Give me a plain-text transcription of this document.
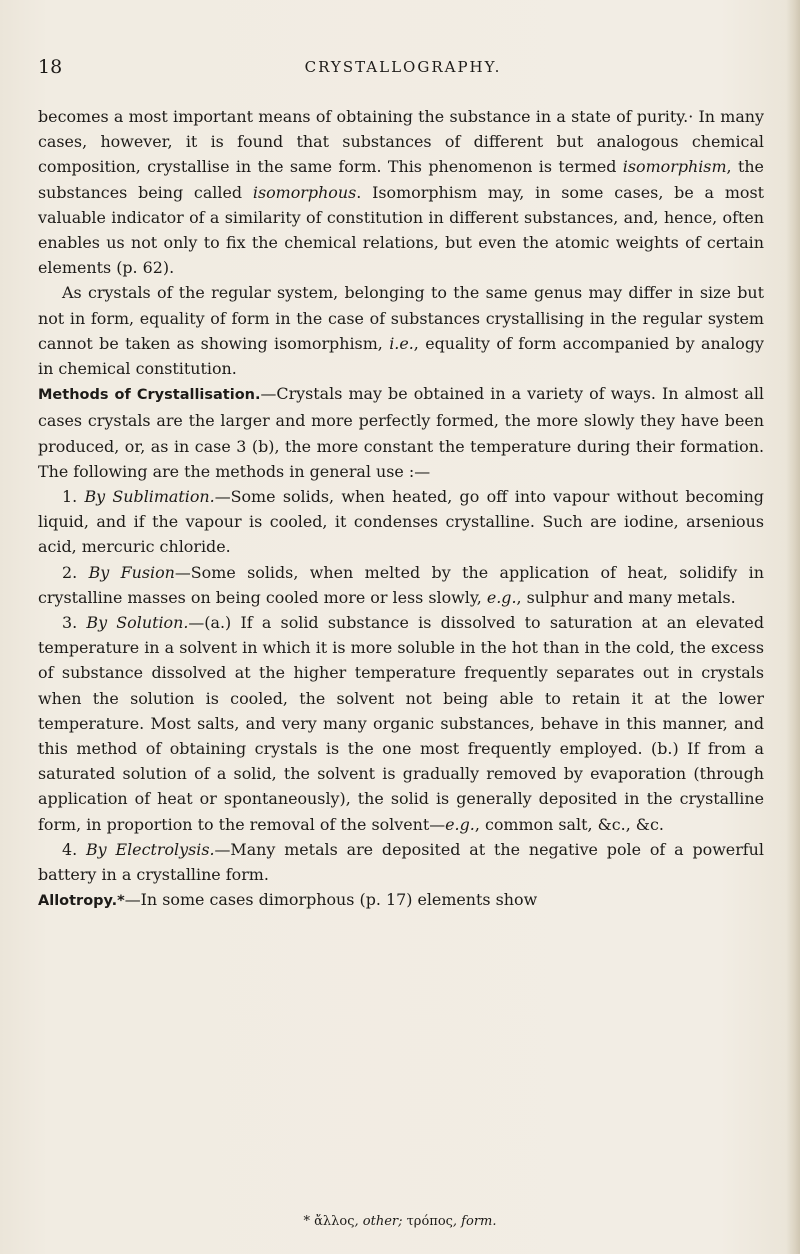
18	CRYSTALLOGRAPHY.

becomes a most important means of obtaining the substance in a state of purity.· In many cases, however, it is found that substances of different but analogous chemical composition, crystallise in the same form. This phenomenon is termed isomorphism, the substances being called isomorphous. Isomorphism may, in some cases, be a most valuable indicator of a similarity of constitution in different substances, and, hence, often enables us not only to fix the chemical relations, but even the atomic weights of certain elements (p. 62).

As crystals of the regular system, belonging to the same genus may differ in size but not in form, equality of form in the case of substances crystallising in the regular system cannot be taken as showing isomorphism, i.e., equality of form accompanied by analogy in chemical constitution.

Methods of Crystallisation.—Crystals may be obtained in a variety of ways. In almost all cases crystals are the larger and more perfectly formed, the more slowly they have been produced, or, as in case 3 (b), the more constant the temperature during their formation. The following are the methods in general use :—

1. By Sublimation.—Some solids, when heated, go off into vapour without becoming liquid, and if the vapour is cooled, it condenses crystalline. Such are iodine, arsenious acid, mercuric chloride.

2. By Fusion—Some solids, when melted by the application of heat, solidify in crystalline masses on being cooled more or less slowly, e.g., sulphur and many metals.

3. By Solution.—(a.) If a solid substance is dissolved to saturation at an elevated temperature in a solvent in which it is more soluble in the hot than in the cold, the excess of substance dissolved at the higher temperature frequently separates out in crystals when the solution is cooled, the solvent not being able to retain it at the lower temperature. Most salts, and very many organic substances, behave in this manner, and this method of obtaining crystals is the one most frequently employed. (b.) If from a saturated solution of a solid, the solvent is gradually removed by evaporation (through application of heat or spontaneously), the solid is generally deposited in the crystalline form, in proportion to the removal of the solvent—e.g., common salt, &c., &c.

4. By Electrolysis.—Many metals are deposited at the negative pole of a powerful battery in a crystalline form.

Allotropy.*—In some cases dimorphous (p. 17) elements show

* ἄλλος, other; τρόπος, form.
